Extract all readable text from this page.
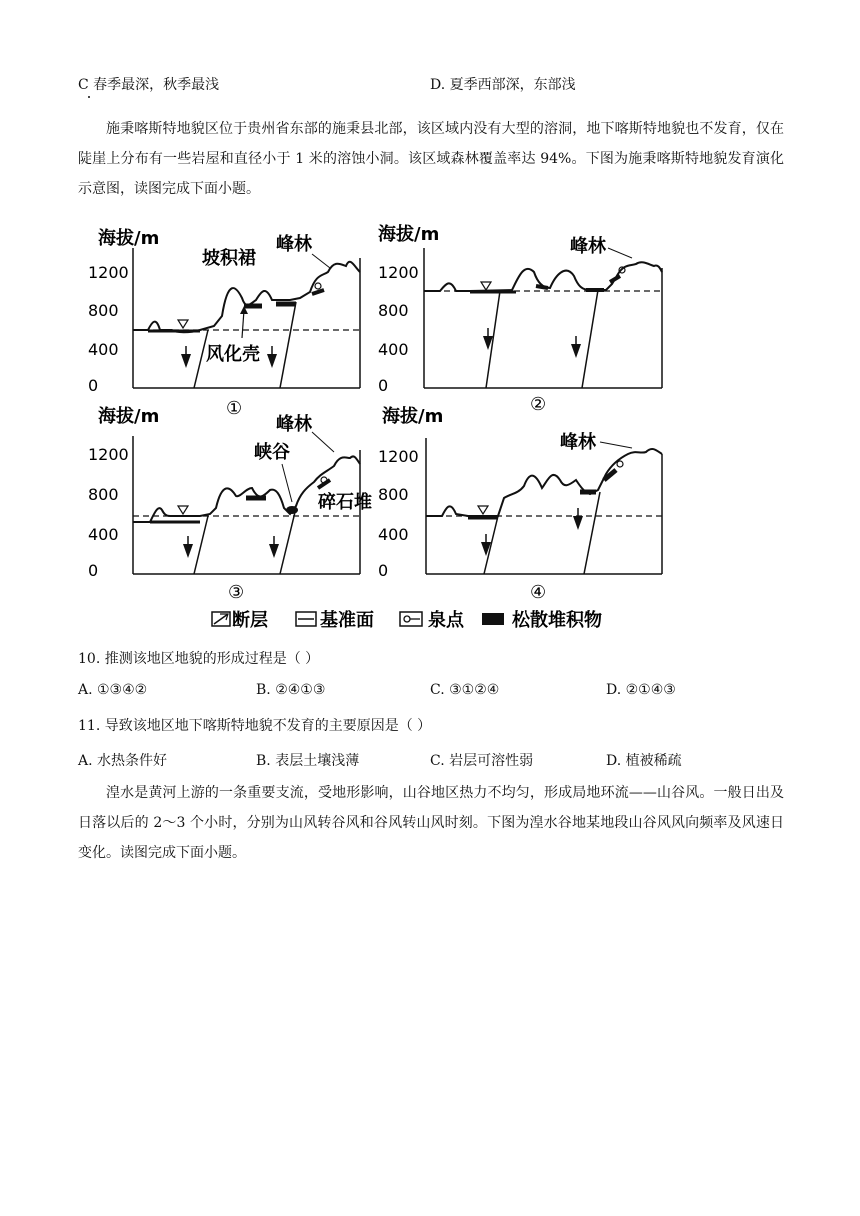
C 春季最深，秋季最浅	D. 夏季西部深，东部浅
施秉喀斯特地貌区位于贵州省东部的施秉县北部，该区域内没有大型的溶洞，地下喀斯特地貌也不发育，仅在陡崖上分布有一些岩屋和直径小于 1 米的溶蚀小洞。该区域森林覆盖率达 94%。下图为施秉喀斯特地貌发育演化示意图，读图完成下面小题。
海拔/m
1200
800
400
0
峰林
坡积裙
风化壳
①
海拔/m
1200
800
400
0
峰林
②
海拔/m
1200
800
400
0
峰林
峡谷
碎石堆
③
海拔/m
1200
800
400
0
峰林
④
断层	基准面	泉点	松散堆积物
10. 推测该地区地貌的形成过程是（ ）
A. ①③④②	B. ②④①③	C. ③①②④	D. ②①④③
11. 导致该地区地下喀斯特地貌不发育的主要原因是（ ）
A. 水热条件好	B. 表层土壤浅薄	C. 岩层可溶性弱	D. 植被稀疏
湟水是黄河上游的一条重要支流，受地形影响，山谷地区热力不均匀，形成局地环流——山谷风。一般日出及日落以后的 2～3 个小时，分别为山风转谷风和谷风转山风时刻。下图为湟水谷地某地段山谷风风向频率及风速日变化。读图完成下面小题。
